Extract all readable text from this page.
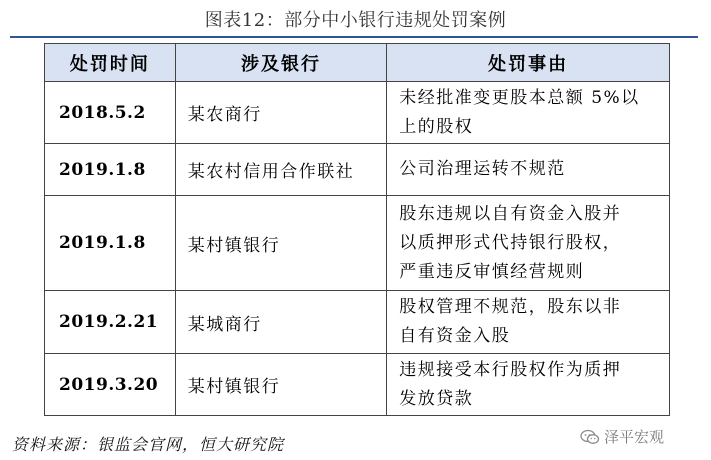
图表12：部分中小银行违规处罚案例
处罚时间	涉及银行	处罚事由
2018.5.2	某农商行	未经批准变更股本总额 5%以
上的股权

2019.1.8	某农村信用合作联社	公司治理运转不规范

2019.1.8	某村镇银行	股东违规以自有资金入股并
以质押形式代持银行股权，
严重违反审慎经营规则

2019.2.21	某城商行	股权管理不规范，股东以非
自有资金入股

2019.3.20	某村镇银行	违规接受本行股权作为质押
发放贷款
资料来源：银监会官网，恒大研究院	泽平宏观
